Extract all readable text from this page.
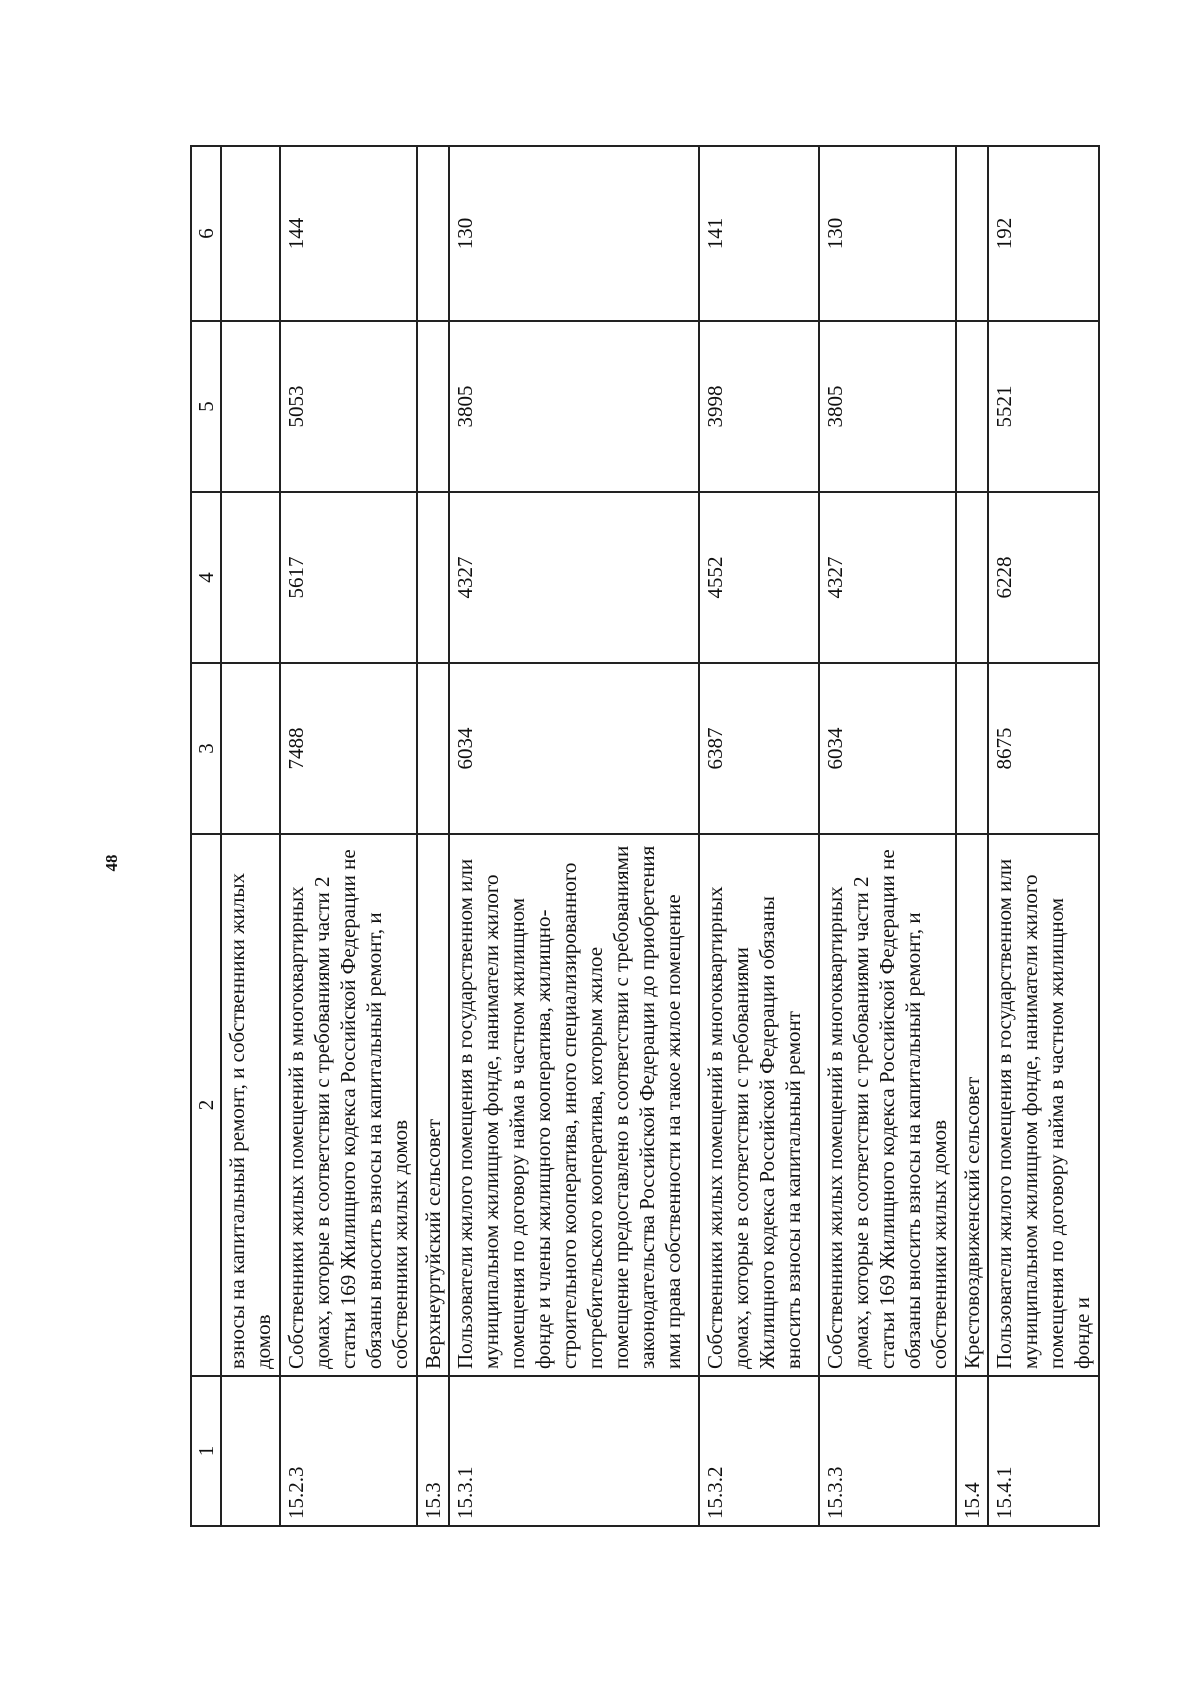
48
1	2	3	4	5	6
	взносы на капитальный ремонт, и собственники жилых домов				
15.2.3	Собственники жилых помещений в многоквартирных домах, которые в соответствии с требованиями части 2 статьи 169 Жилищного кодекса Российской Федерации не обязаны вносить взносы на капитальный ремонт, и собственники жилых домов	7488	5617	5053	144
15.3	Верхнеуртуйский сельсовет				
15.3.1	Пользователи жилого помещения в государственном или муниципальном жилищном фонде, наниматели жилого помещения по договору найма в частном жилищном фонде и члены жилищного кооператива, жилищно-строительного кооператива, иного специализированного потребительского кооператива, которым жилое помещение предоставлено в соответствии с требованиями законодательства Российской Федерации до приобретения ими права собственности на такое жилое помещение	6034	4327	3805	130
15.3.2	Собственники жилых помещений в многоквартирных домах, которые в соответствии с требованиями Жилищного кодекса Российской Федерации обязаны вносить взносы на капитальный ремонт	6387	4552	3998	141
15.3.3	Собственники жилых помещений в многоквартирных домах, которые в соответствии с требованиями части 2 статьи 169 Жилищного кодекса Российской Федерации не обязаны вносить взносы на капитальный ремонт, и собственники жилых домов	6034	4327	3805	130
15.4	Крестовоздвиженский сельсовет				
15.4.1	Пользователи жилого помещения в государственном или муниципальном жилищном фонде, наниматели жилого помещения по договору найма в частном жилищном фонде и	8675	6228	5521	192
